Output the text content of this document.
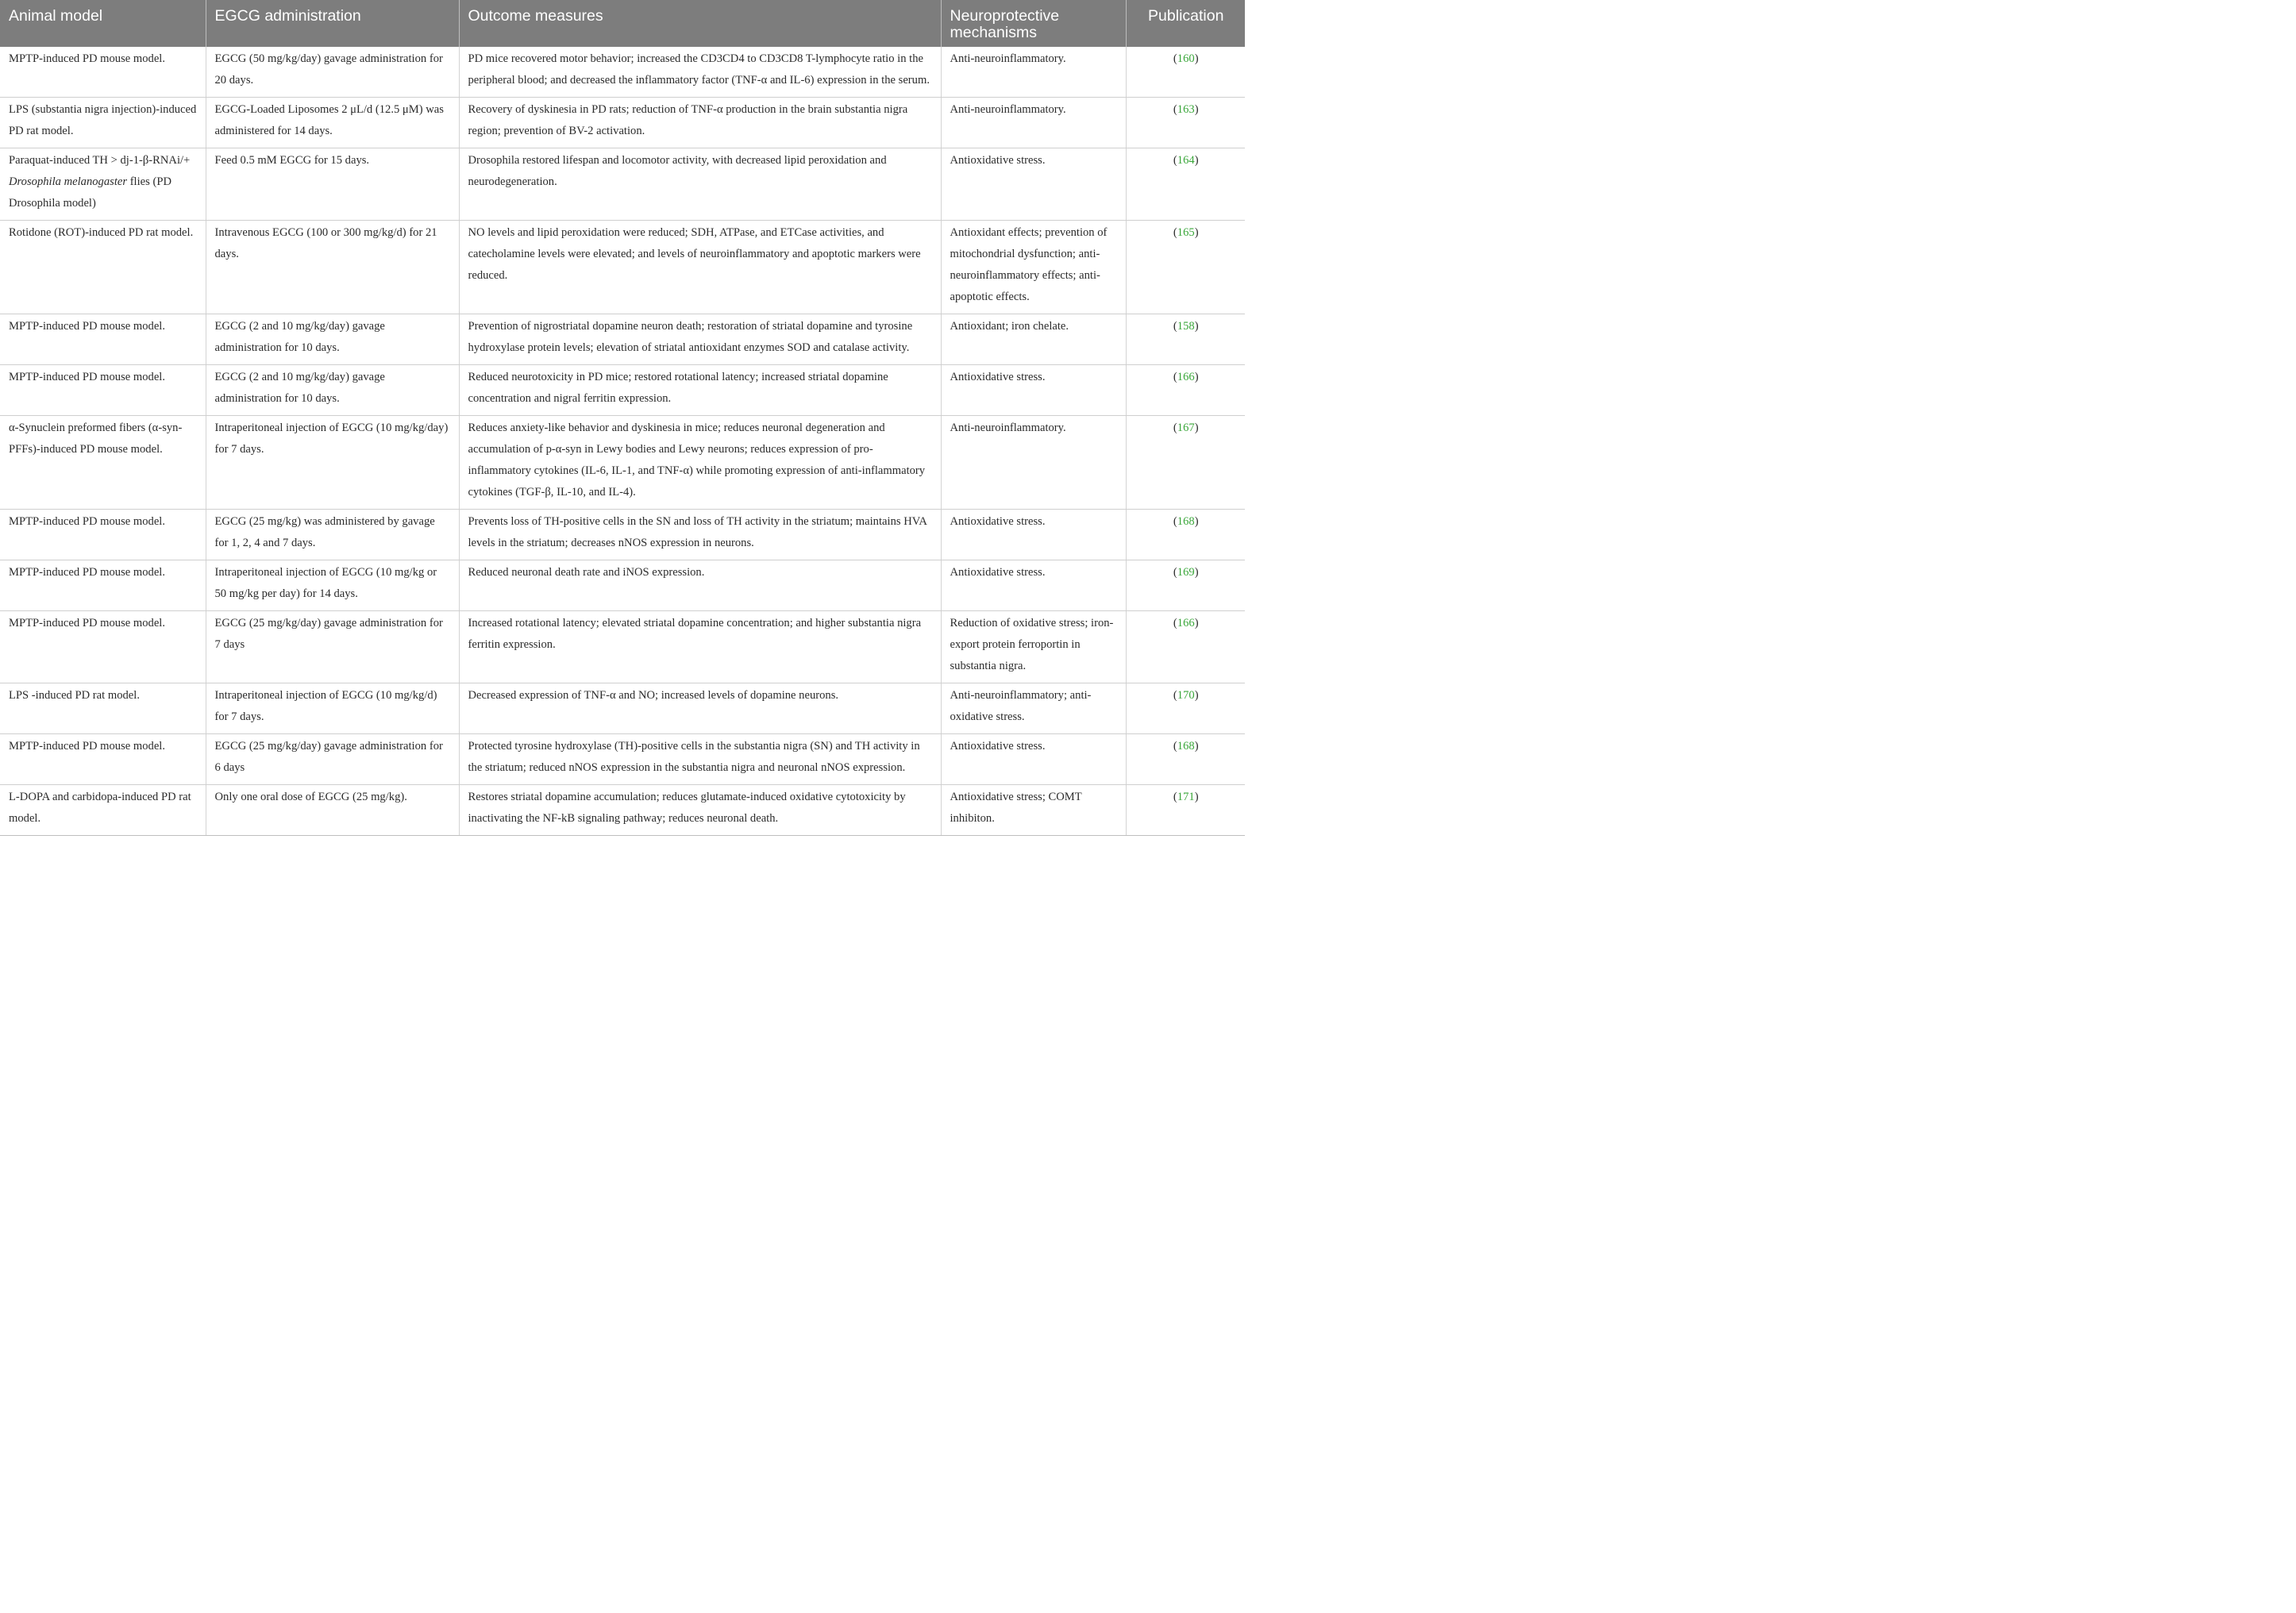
Animal model	EGCG administration	Outcome measures	Neuroprotective mechanisms	Publication
MPTP-induced PD mouse model.	EGCG (50 mg/kg/day) gavage administration for 20 days.	PD mice recovered motor behavior; increased the CD3CD4 to CD3CD8 T-lymphocyte ratio in the peripheral blood; and decreased the inflammatory factor (TNF-α and IL-6) expression in the serum.	Anti-neuroinflammatory.	(160)
LPS (substantia nigra injection)-induced PD rat model.	EGCG-Loaded Liposomes 2 μL/d (12.5 μM) was administered for 14 days.	Recovery of dyskinesia in PD rats; reduction of TNF-α production in the brain substantia nigra region; prevention of BV-2 activation.	Anti-neuroinflammatory.	(163)
Paraquat-induced TH > dj-1-β-RNAi/+ Drosophila melanogaster flies (PD Drosophila model)	Feed 0.5 mM EGCG for 15 days.	Drosophila restored lifespan and locomotor activity, with decreased lipid peroxidation and neurodegeneration.	Antioxidative stress.	(164)
Rotidone (ROT)-induced PD rat model.	Intravenous EGCG (100 or 300 mg/kg/d) for 21 days.	NO levels and lipid peroxidation were reduced; SDH, ATPase, and ETCase activities, and catecholamine levels were elevated; and levels of neuroinflammatory and apoptotic markers were reduced.	Antioxidant effects; prevention of mitochondrial dysfunction; anti-neuroinflammatory effects; anti-apoptotic effects.	(165)
MPTP-induced PD mouse model.	EGCG (2 and 10 mg/kg/day) gavage administration for 10 days.	Prevention of nigrostriatal dopamine neuron death; restoration of striatal dopamine and tyrosine hydroxylase protein levels; elevation of striatal antioxidant enzymes SOD and catalase activity.	Antioxidant; iron chelate.	(158)
MPTP-induced PD mouse model.	EGCG (2 and 10 mg/kg/day) gavage administration for 10 days.	Reduced neurotoxicity in PD mice; restored rotational latency; increased striatal dopamine concentration and nigral ferritin expression.	Antioxidative stress.	(166)
α-Synuclein preformed fibers (α-syn-PFFs)-induced PD mouse model.	Intraperitoneal injection of EGCG (10 mg/kg/day) for 7 days.	Reduces anxiety-like behavior and dyskinesia in mice; reduces neuronal degeneration and accumulation of p-α-syn in Lewy bodies and Lewy neurons; reduces expression of pro-inflammatory cytokines (IL-6, IL-1, and TNF-α) while promoting expression of anti-inflammatory cytokines (TGF-β, IL-10, and IL-4).	Anti-neuroinflammatory.	(167)
MPTP-induced PD mouse model.	EGCG (25 mg/kg) was administered by gavage for 1, 2, 4 and 7 days.	Prevents loss of TH-positive cells in the SN and loss of TH activity in the striatum; maintains HVA levels in the striatum; decreases nNOS expression in neurons.	Antioxidative stress.	(168)
MPTP-induced PD mouse model.	Intraperitoneal injection of EGCG (10 mg/kg or 50 mg/kg per day) for 14 days.	Reduced neuronal death rate and iNOS expression.	Antioxidative stress.	(169)
MPTP-induced PD mouse model.	EGCG (25 mg/kg/day) gavage administration for 7 days	Increased rotational latency; elevated striatal dopamine concentration; and higher substantia nigra ferritin expression.	Reduction of oxidative stress; iron-export protein ferroportin in substantia nigra.	(166)
LPS -induced PD rat model.	Intraperitoneal injection of EGCG (10 mg/kg/d) for 7 days.	Decreased expression of TNF-α and NO; increased levels of dopamine neurons.	Anti-neuroinflammatory; anti-oxidative stress.	(170)
MPTP-induced PD mouse model.	EGCG (25 mg/kg/day) gavage administration for 6 days	Protected tyrosine hydroxylase (TH)-positive cells in the substantia nigra (SN) and TH activity in the striatum; reduced nNOS expression in the substantia nigra and neuronal nNOS expression.	Antioxidative stress.	(168)
L-DOPA and carbidopa-induced PD rat model.	Only one oral dose of EGCG (25 mg/kg).	Restores striatal dopamine accumulation; reduces glutamate-induced oxidative cytotoxicity by inactivating the NF-kB signaling pathway; reduces neuronal death.	Antioxidative stress; COMT inhibiton.	(171)
